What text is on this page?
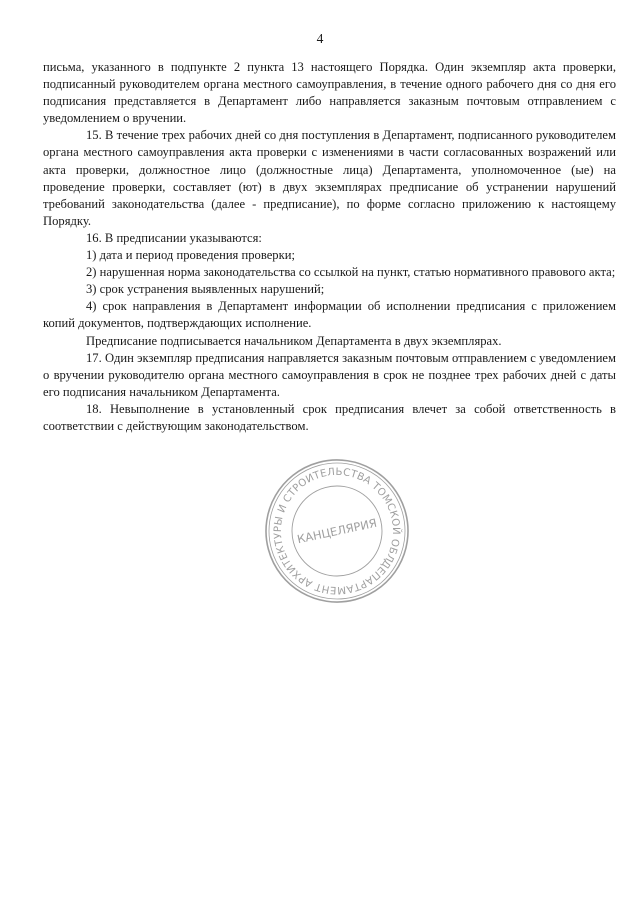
4

письма, указанного в подпункте 2 пункта 13 настоящего Порядка. Один экземпляр акта проверки, подписанный руководителем органа местного самоуправления, в течение одного рабочего дня со дня его подписания представляется в Департамент либо направляется заказным почтовым отправлением с уведомлением о вручении.

15. В течение трех рабочих дней со дня поступления в Департамент, подписанного руководителем органа местного самоуправления акта проверки с изменениями в части согласованных возражений или акта проверки, должностное лицо (должностные лица) Департамента, уполномоченное (ые) на проведение проверки, составляет (ют) в двух экземплярах предписание об устранении нарушений требований законодательства (далее - предписание), по форме согласно приложению к настоящему Порядку.

16. В предписании указываются:

1) дата и период проведения проверки;

2) нарушенная норма законодательства со ссылкой на пункт, статью нормативного правового акта;

3) срок устранения выявленных нарушений;

4) срок направления в Департамент информации об исполнении предписания с приложением копий документов, подтверждающих исполнение.

Предписание подписывается начальником Департамента в двух экземплярах.

17. Один экземпляр предписания направляется заказным почтовым отправлением с уведомлением о вручении руководителю органа местного самоуправления в срок не позднее трех рабочих дней с даты его подписания начальником Департамента.

18. Невыполнение в установленный срок предписания влечет за собой ответственность в соответствии с действующим законодательством.

ДЕПАРТАМЕНТ АРХИТЕКТУРЫ И СТРОИТЕЛЬСТВА ТОМСКОЙ ОБЛАСТИ
КАНЦЕЛЯРИЯ
